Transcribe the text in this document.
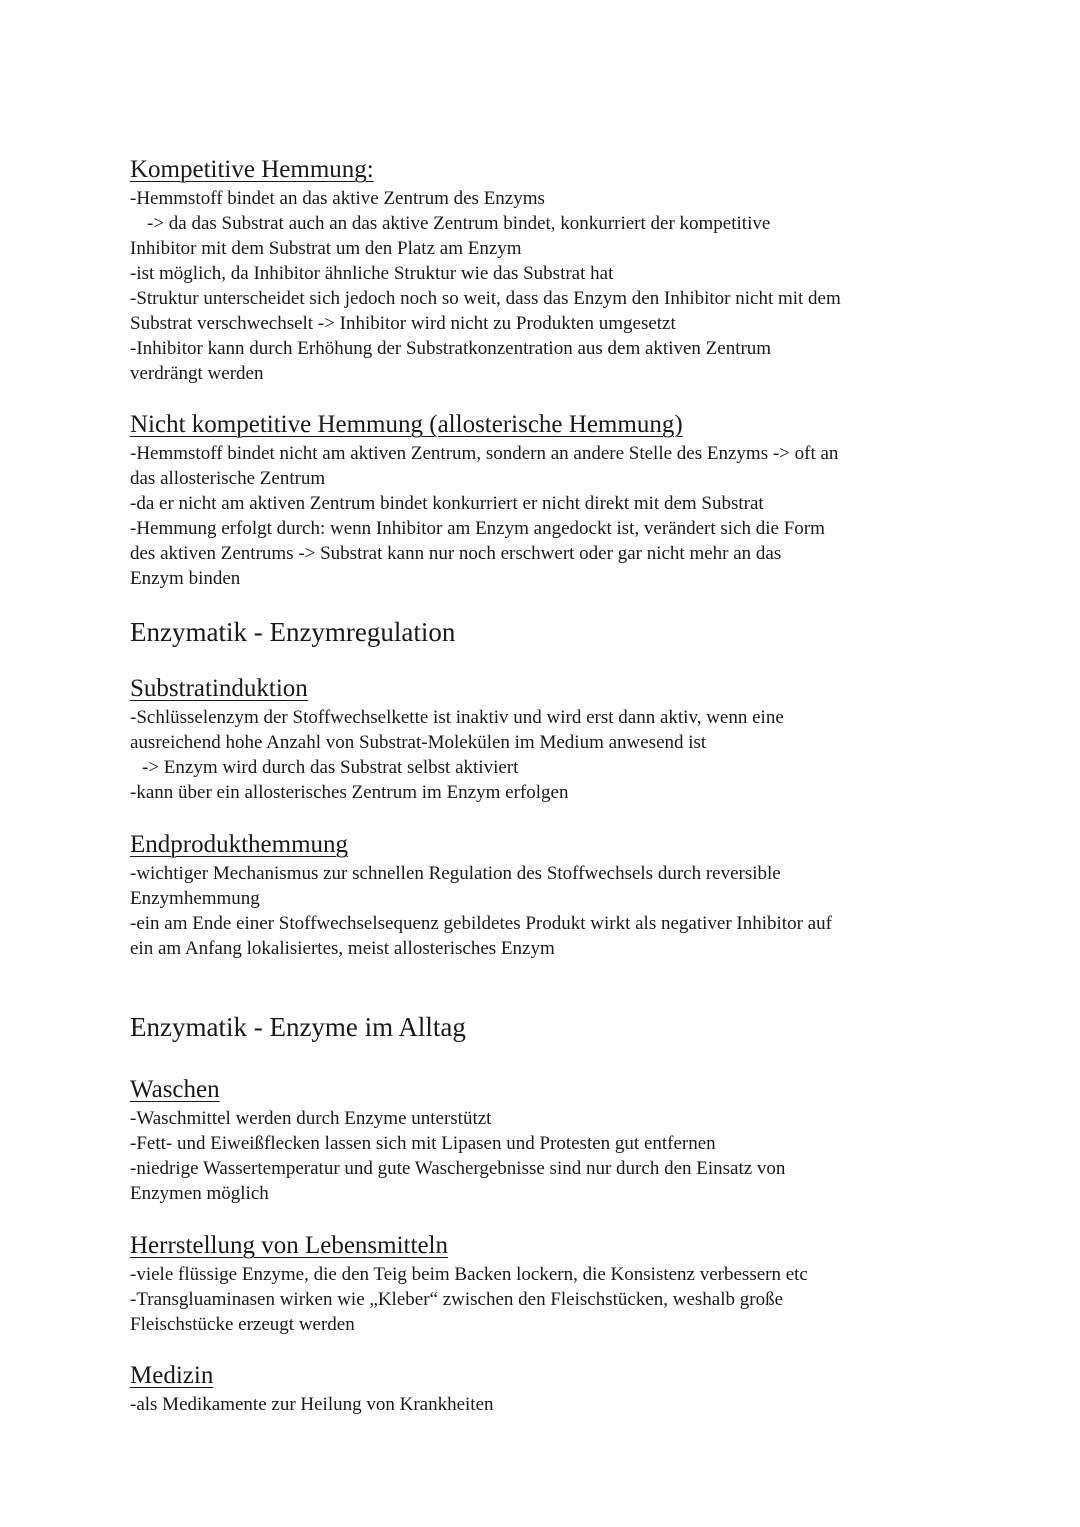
Kompetitive Hemmung:
-Hemmstoff bindet an das aktive Zentrum des Enzyms
-> da das Substrat auch an das aktive Zentrum bindet, konkurriert der kompetitive
Inhibitor mit dem Substrat um den Platz am Enzym
-ist möglich, da Inhibitor ähnliche Struktur wie das Substrat hat
-Struktur unterscheidet sich jedoch noch so weit, dass das Enzym den Inhibitor nicht mit dem
Substrat verschwechselt -> Inhibitor wird nicht zu Produkten umgesetzt
-Inhibitor kann durch Erhöhung der Substratkonzentration aus dem aktiven Zentrum
verdrängt werden
Nicht kompetitive Hemmung (allosterische Hemmung)
-Hemmstoff bindet nicht am aktiven Zentrum, sondern an andere Stelle des Enzyms -> oft an
das allosterische Zentrum
-da er nicht am aktiven Zentrum bindet konkurriert er nicht direkt mit dem Substrat
-Hemmung erfolgt durch: wenn Inhibitor am Enzym angedockt ist, verändert sich die Form
des aktiven Zentrums -> Substrat kann nur noch erschwert oder gar nicht mehr an das
Enzym binden
Enzymatik - Enzymregulation
Substratinduktion
-Schlüsselenzym der Stoffwechselkette ist inaktiv und wird erst dann aktiv, wenn eine
ausreichend hohe Anzahl von Substrat-Molekülen im Medium anwesend ist
-> Enzym wird durch das Substrat selbst aktiviert
-kann über ein allosterisches Zentrum im Enzym erfolgen
Endprodukthemmung
-wichtiger Mechanismus zur schnellen Regulation des Stoffwechsels durch reversible
Enzymhemmung
-ein am Ende einer Stoffwechselsequenz gebildetes Produkt wirkt als negativer Inhibitor auf
ein am Anfang lokalisiertes, meist allosterisches Enzym
Enzymatik - Enzyme im Alltag
Waschen
-Waschmittel werden durch Enzyme unterstützt
-Fett- und Eiweißflecken lassen sich mit Lipasen und Protesten gut entfernen
-niedrige Wassertemperatur und gute Waschergebnisse sind nur durch den Einsatz von
Enzymen möglich
Herrstellung von Lebensmitteln
-viele flüssige Enzyme, die den Teig beim Backen lockern, die Konsistenz verbessern etc
-Transgluaminasen wirken wie „Kleber“ zwischen den Fleischstücken, weshalb große
Fleischstücke erzeugt werden
Medizin
-als Medikamente zur Heilung von Krankheiten
